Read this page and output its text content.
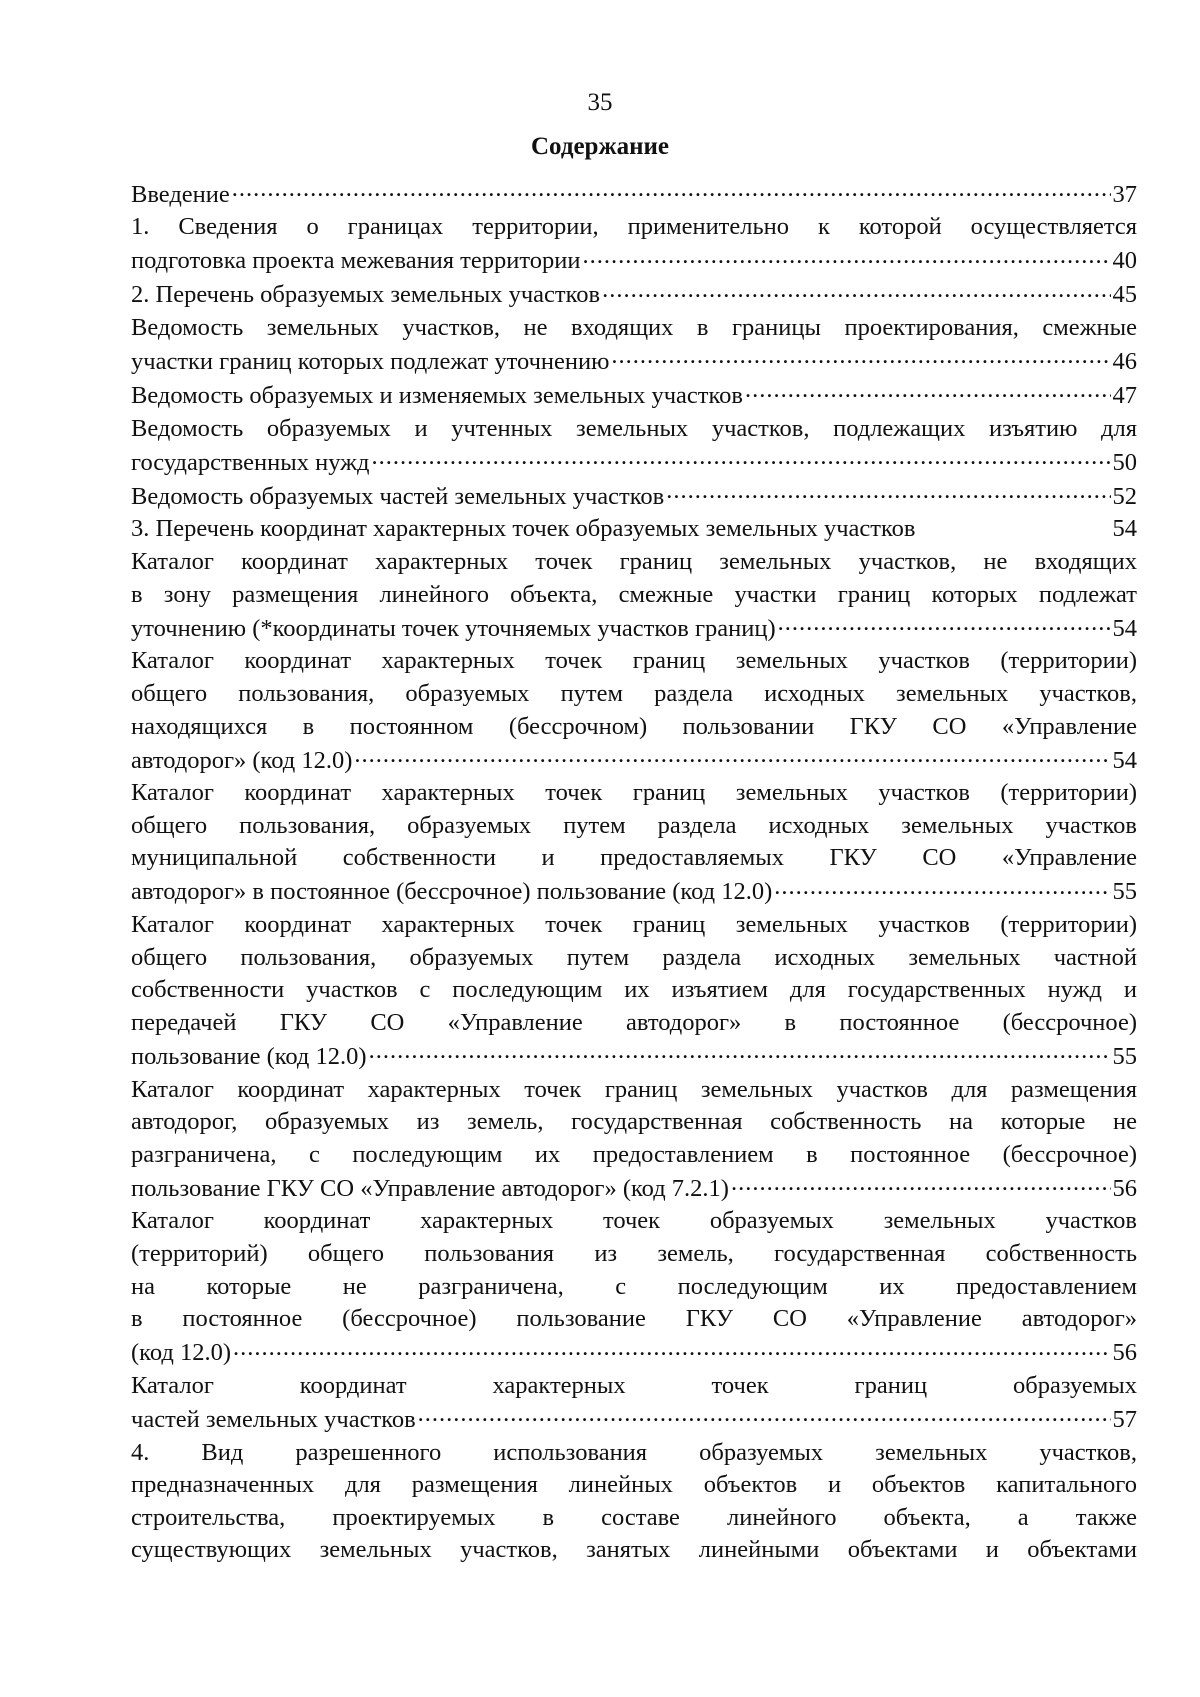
35
Содержание
Введение .....	37
1. Сведения о границах территории, применительно к которой осуществляется
подготовка проекта межевания территории .....	40
2. Перечень образуемых земельных участков .....	45
Ведомость земельных участков, не входящих в границы проектирования, смежные
участки границ которых подлежат уточнению .....	46
Ведомость образуемых и изменяемых земельных участков .....	47
Ведомость образуемых и учтенных земельных участков, подлежащих изъятию для
государственных нужд .....	50
Ведомость образуемых частей земельных участков .....	52
3. Перечень координат характерных точек образуемых земельных участков	54
Каталог координат характерных точек границ земельных участков, не входящих
в зону размещения линейного объекта, смежные участки границ которых подлежат
уточнению (*координаты точек уточняемых участков границ) .....	54
Каталог координат характерных точек границ земельных участков (территории)
общего пользования, образуемых путем раздела исходных земельных участков,
находящихся в постоянном (бессрочном) пользовании ГКУ СО «Управление
автодорог» (код 12.0) .....	54
Каталог координат характерных точек границ земельных участков (территории)
общего пользования, образуемых путем раздела исходных земельных участков
муниципальной собственности и предоставляемых ГКУ СО «Управление
автодорог» в постоянное (бессрочное) пользование (код 12.0) .....	55
Каталог координат характерных точек границ земельных участков (территории)
общего пользования, образуемых путем раздела исходных земельных частной
собственности участков с последующим их изъятием для государственных нужд и
передачей ГКУ СО «Управление автодорог» в постоянное (бессрочное)
пользование (код 12.0) .....	55
Каталог координат характерных точек границ земельных участков для размещения
автодорог, образуемых из земель, государственная собственность на которые не
разграничена, с последующим их предоставлением в постоянное (бессрочное)
пользование ГКУ СО «Управление автодорог» (код 7.2.1) .....	56
Каталог координат характерных точек образуемых земельных участков
(территорий) общего пользования из земель, государственная собственность
на которые не разграничена, с последующим их предоставлением
в постоянное (бессрочное) пользование ГКУ СО «Управление автодорог»
(код 12.0) .....	56
Каталог координат характерных точек границ образуемых
частей земельных участков .....	57
4. Вид разрешенного использования образуемых земельных участков,
предназначенных для размещения линейных объектов и объектов капитального
строительства, проектируемых в составе линейного объекта, а также
существующих земельных участков, занятых линейными объектами и объектами
